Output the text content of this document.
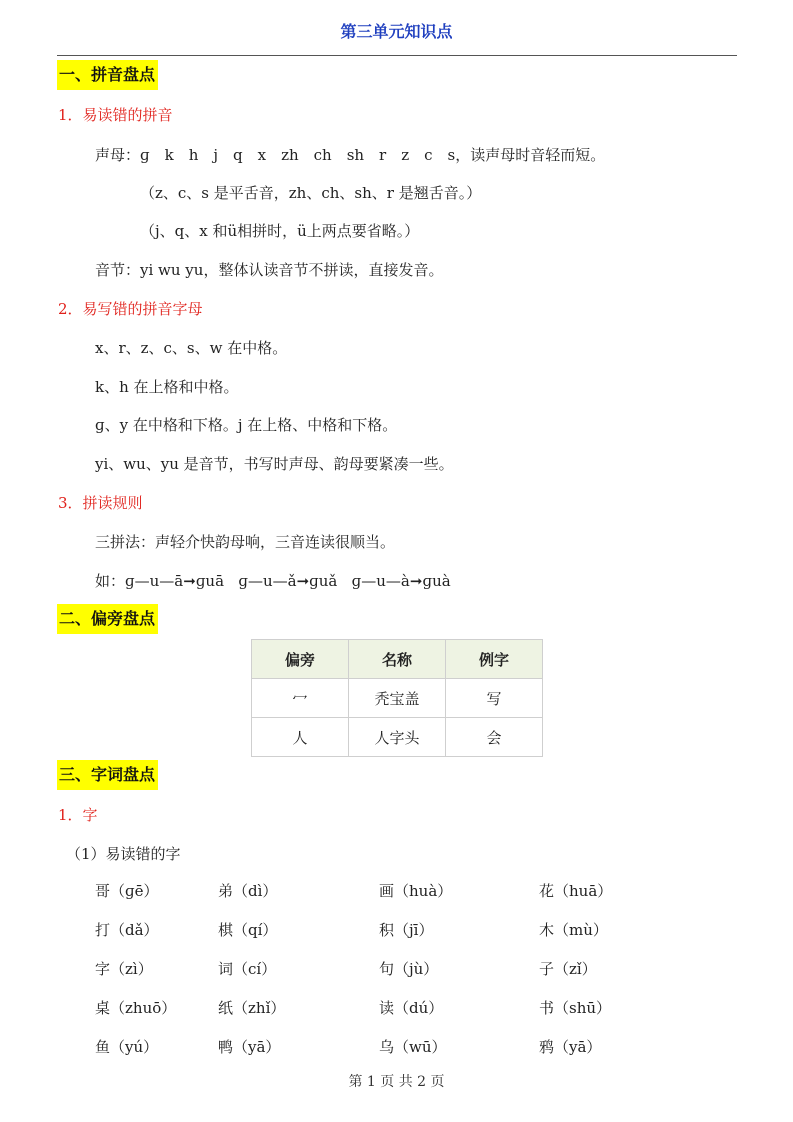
第三单元知识点
一、拼音盘点
1．易读错的拼音
声母：ɡ　k　h　j　q　x　zh　ch　sh　r　z　c　s，读声母时音轻而短。
（z、c、s 是平舌音，zh、ch、sh、r 是翘舌音。）
（j、q、x 和ü相拼时，ü上两点要省略。）
音节：yi wu yu，整体认读音节不拼读，直接发音。
2．易写错的拼音字母
x、r、z、c、s、w 在中格。
k、h 在上格和中格。
ɡ、y 在中格和下格。j 在上格、中格和下格。
yi、wu、yu 是音节，书写时声母、韵母要紧凑一些。
3．拼读规则
三拼法：声轻介快韵母响，三音连读很顺当。
如：ɡ—u—ā➞ɡuā ɡ—u—ǎ➞ɡuǎ ɡ—u—à➞ɡuà
二、偏旁盘点
偏旁	名称	例字
冖	秃宝盖	写
人	人字头	会
三、字词盘点
1．字
（1）易读错的字
哥（ɡē）	弟（dì）	画（huà）	花（huā）
打（dǎ）	棋（qí）	积（jī）	木（mù）
字（zì）	词（cí）	句（jù）	子（zǐ）
桌（zhuō）	纸（zhǐ）	读（dú）	书（shū）
鱼（yú）	鸭（yā）	乌（wū）	鸦（yā）
第 1 页 共 2 页
